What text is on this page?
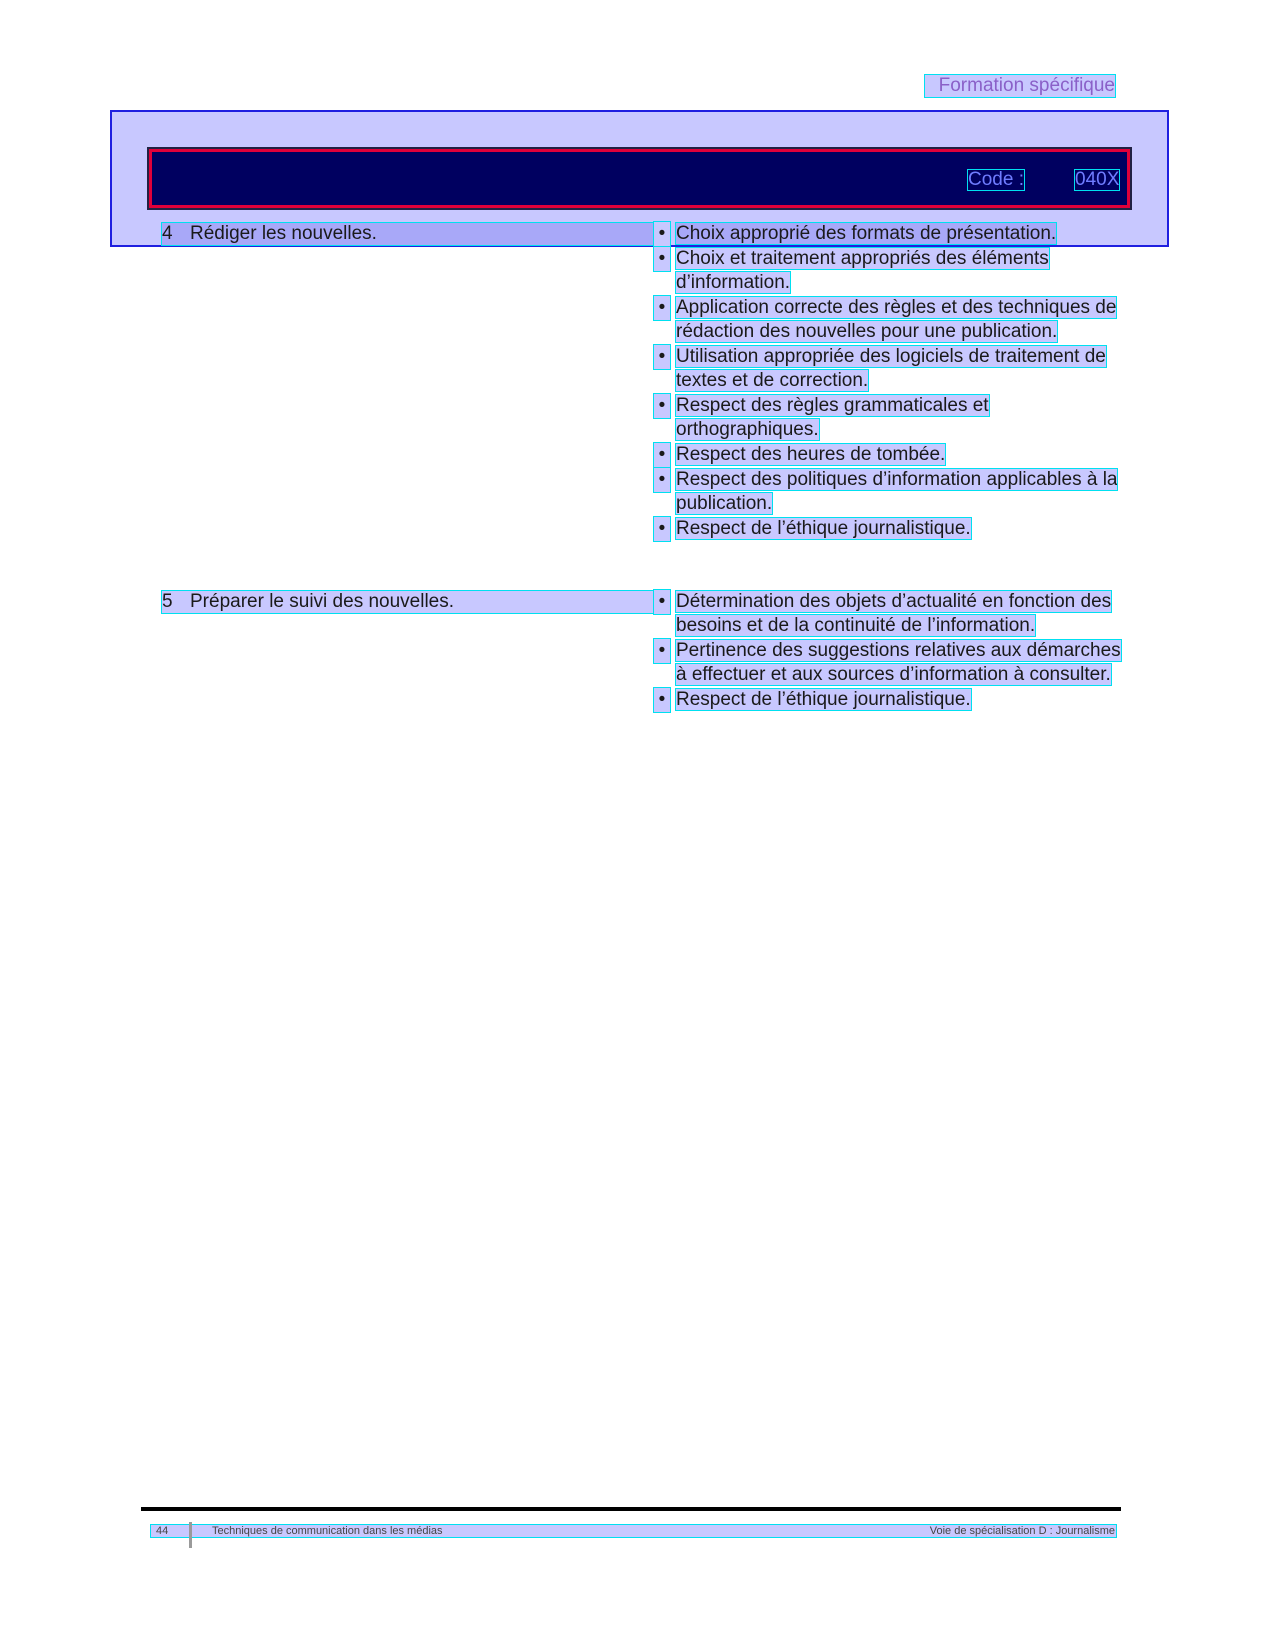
Formation spécifique
Code :	040X
4 Rédiger les nouvelles.	• Choix approprié des formats de présentation.
• Choix et traitement appropriés des éléments d’information.
• Application correcte des règles et des techniques de rédaction des nouvelles pour une publication.
• Utilisation appropriée des logiciels de traitement de textes et de correction.
• Respect des règles grammaticales et orthographiques.
• Respect des heures de tombée.
• Respect des politiques d’information applicables à la publication.
• Respect de l’éthique journalistique.
5 Préparer le suivi des nouvelles.	• Détermination des objets d’actualité en fonction des besoins et de la continuité de l’information.
• Pertinence des suggestions relatives aux démarches à effectuer et aux sources d’information à consulter.
• Respect de l’éthique journalistique.
44	Techniques de communication dans les médias	Voie de spécialisation D : Journalisme
